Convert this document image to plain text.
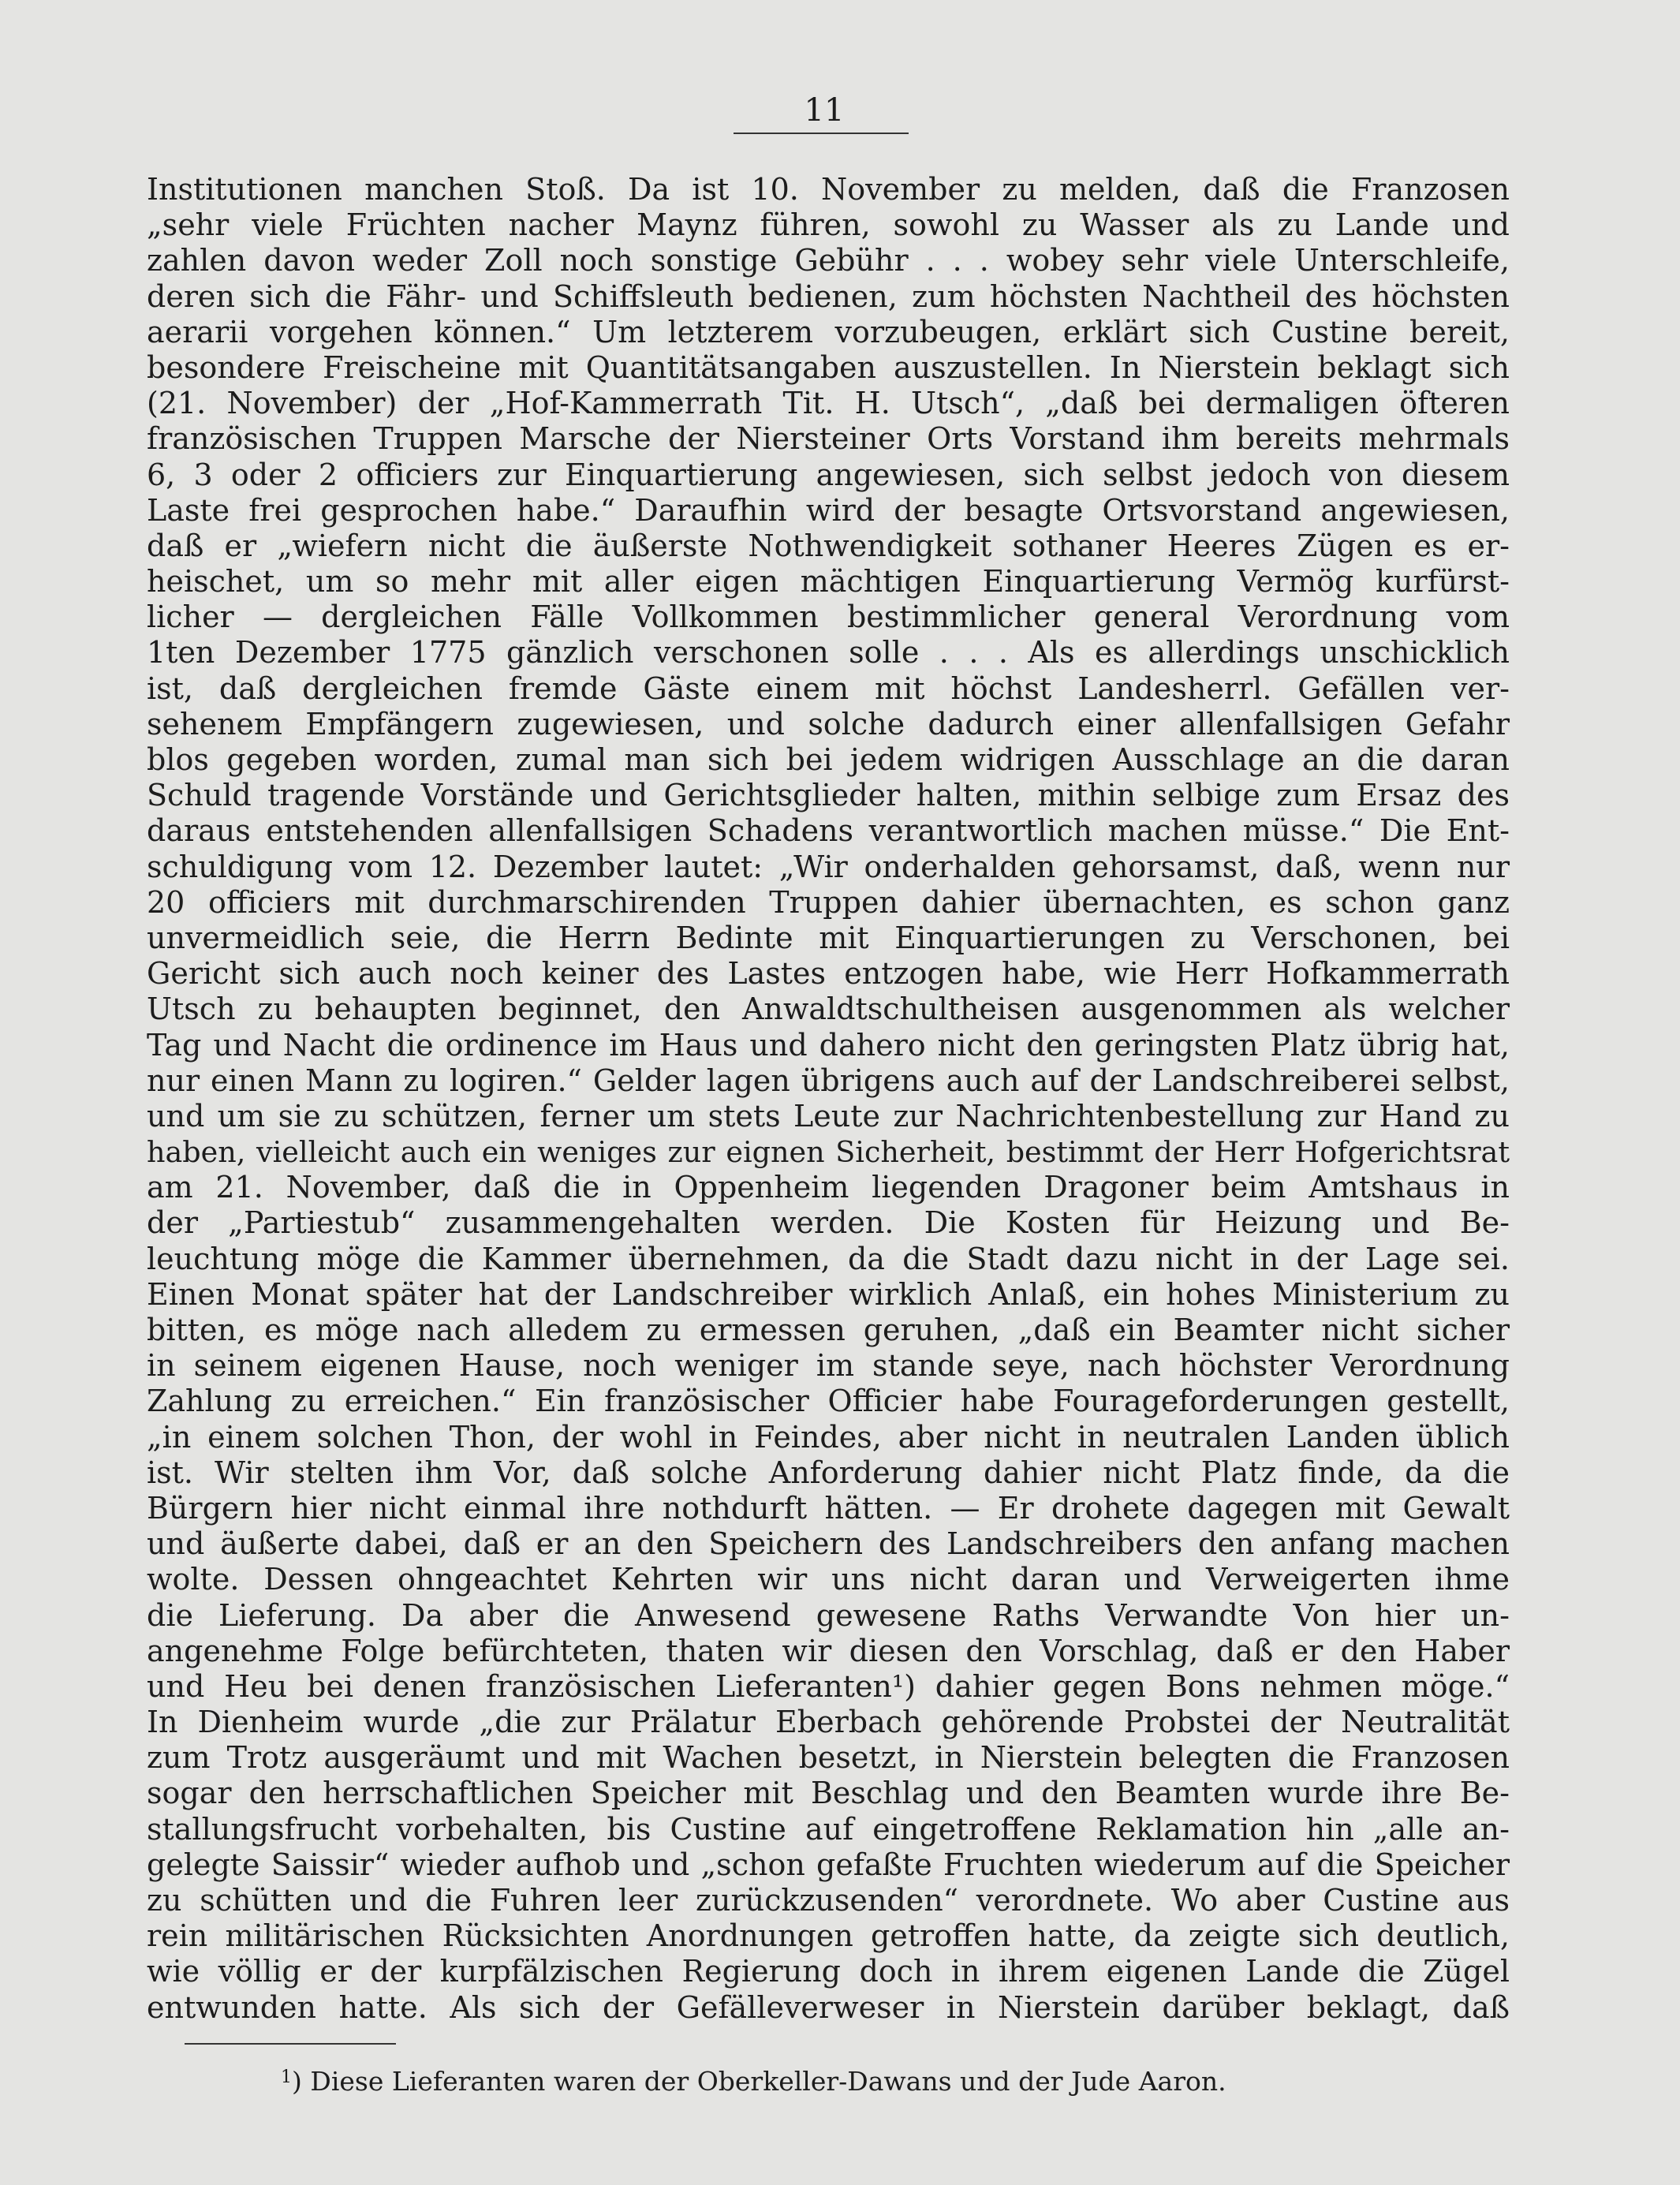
11
Institutionen manchen Stoß. Da ist 10. November zu melden, daß die Franzosen
„sehr viele Früchten nacher Maynz führen, sowohl zu Wasser als zu Lande und
zahlen davon weder Zoll noch sonstige Gebühr . . . wobey sehr viele Unterschleife,
deren sich die Fähr- und Schiffsleuth bedienen, zum höchsten Nachtheil des höchsten
aerarii vorgehen können.“ Um letzterem vorzubeugen, erklärt sich Custine bereit,
besondere Freischeine mit Quantitätsangaben auszustellen. In Nierstein beklagt sich
(21. November) der „Hof-Kammerrath Tit. H. Utsch“, „daß bei dermaligen öfteren
französischen Truppen Marsche der Niersteiner Orts Vorstand ihm bereits mehrmals
6, 3 oder 2 officiers zur Einquartierung angewiesen, sich selbst jedoch von diesem
Laste frei gesprochen habe.“ Daraufhin wird der besagte Ortsvorstand angewiesen,
daß er „wiefern nicht die äußerste Nothwendigkeit sothaner Heeres Zügen es er-
heischet, um so mehr mit aller eigen mächtigen Einquartierung Vermög kurfürst-
licher — dergleichen Fälle Vollkommen bestimmlicher general Verordnung vom
1ten Dezember 1775 gänzlich verschonen solle . . . Als es allerdings unschicklich
ist, daß dergleichen fremde Gäste einem mit höchst Landesherrl. Gefällen ver-
sehenem Empfängern zugewiesen, und solche dadurch einer allenfallsigen Gefahr
blos gegeben worden, zumal man sich bei jedem widrigen Ausschlage an die daran
Schuld tragende Vorstände und Gerichtsglieder halten, mithin selbige zum Ersaz des
daraus entstehenden allenfallsigen Schadens verantwortlich machen müsse.“ Die Ent-
schuldigung vom 12. Dezember lautet: „Wir onderhalden gehorsamst, daß, wenn nur
20 officiers mit durchmarschirenden Truppen dahier übernachten, es schon ganz
unvermeidlich seie, die Herrn Bedinte mit Einquartierungen zu Verschonen, bei
Gericht sich auch noch keiner des Lastes entzogen habe, wie Herr Hofkammerrath
Utsch zu behaupten beginnet, den Anwaldtschultheisen ausgenommen als welcher
Tag und Nacht die ordinence im Haus und dahero nicht den geringsten Platz übrig hat,
nur einen Mann zu logiren.“ Gelder lagen übrigens auch auf der Landschreiberei selbst,
und um sie zu schützen, ferner um stets Leute zur Nachrichtenbestellung zur Hand zu
haben, vielleicht auch ein weniges zur eignen Sicherheit, bestimmt der Herr Hofgerichtsrat
am 21. November, daß die in Oppenheim liegenden Dragoner beim Amtshaus in
der „Partiestub“ zusammengehalten werden. Die Kosten für Heizung und Be-
leuchtung möge die Kammer übernehmen, da die Stadt dazu nicht in der Lage sei.
Einen Monat später hat der Landschreiber wirklich Anlaß, ein hohes Ministerium zu
bitten, es möge nach alledem zu ermessen geruhen, „daß ein Beamter nicht sicher
in seinem eigenen Hause, noch weniger im stande seye, nach höchster Verordnung
Zahlung zu erreichen.“ Ein französischer Officier habe Fourageforderungen gestellt,
„in einem solchen Thon, der wohl in Feindes, aber nicht in neutralen Landen üblich
ist. Wir stelten ihm Vor, daß solche Anforderung dahier nicht Platz finde, da die
Bürgern hier nicht einmal ihre nothdurft hätten. — Er drohete dagegen mit Gewalt
und äußerte dabei, daß er an den Speichern des Landschreibers den anfang machen
wolte. Dessen ohngeachtet Kehrten wir uns nicht daran und Verweigerten ihme
die Lieferung. Da aber die Anwesend gewesene Raths Verwandte Von hier un-
angenehme Folge befürchteten, thaten wir diesen den Vorschlag, daß er den Haber
und Heu bei denen französischen Lieferanten¹) dahier gegen Bons nehmen möge.“
In Dienheim wurde „die zur Prälatur Eberbach gehörende Probstei der Neutralität
zum Trotz ausgeräumt und mit Wachen besetzt, in Nierstein belegten die Franzosen
sogar den herrschaftlichen Speicher mit Beschlag und den Beamten wurde ihre Be-
stallungsfrucht vorbehalten, bis Custine auf eingetroffene Reklamation hin „alle an-
gelegte Saissir“ wieder aufhob und „schon gefaßte Fruchten wiederum auf die Speicher
zu schütten und die Fuhren leer zurückzusenden“ verordnete. Wo aber Custine aus
rein militärischen Rücksichten Anordnungen getroffen hatte, da zeigte sich deutlich,
wie völlig er der kurpfälzischen Regierung doch in ihrem eigenen Lande die Zügel
entwunden hatte. Als sich der Gefälleverweser in Nierstein darüber beklagt, daß
$^1$) Diese Lieferanten waren der Oberkeller-Dawans und der Jude Aaron.
